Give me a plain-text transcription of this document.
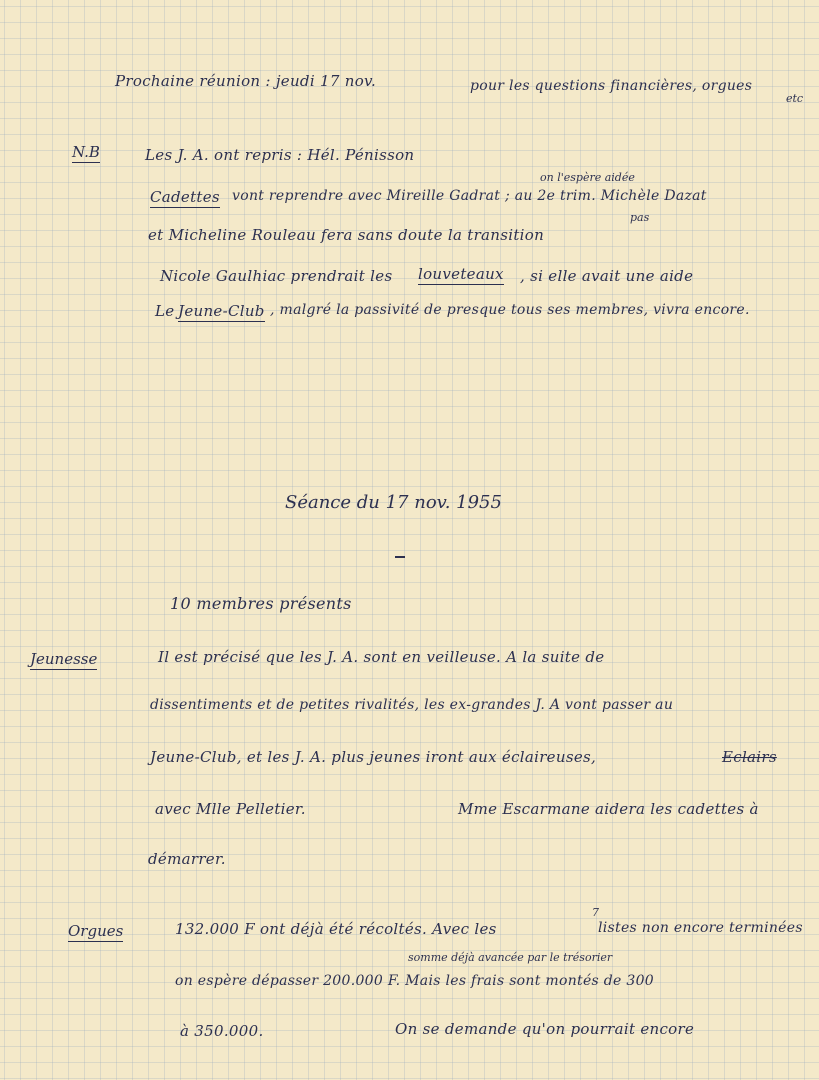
Prochaine réunion : jeudi 17 nov.	pour les questions financières, orgues
etc
N.B	Les J. A. ont repris : Hél. Pénisson
on l'espère aidée
Cadettes vont reprendre avec Mireille Gadrat ; au 2e trim. Michèle Dazat
pas
et Micheline Rouleau fera sans doute la transition
Nicole Gaulhiac prendrait les louveteaux , si elle avait une aide
Le Jeune-Club , malgré la passivité de presque tous ses membres, vivra encore.
Séance du 17 nov. 1955
10 membres présents
Jeunesse	Il est précisé que les J. A. sont en veilleuse. A la suite de
dissentiments et de petites rivalités, les ex-grandes J. A vont passer au
Jeune-Club, et les J. A. plus jeunes iront aux éclaireuses,	Eclairs
avec Mlle Pelletier.	Mme Escarmane aidera les cadettes à
démarrer.
Orgues	132.000 F ont déjà été récoltés. Avec les
7
listes non encore terminées
somme déjà avancée par le trésorier
on espère dépasser 200.000 F. Mais les frais sont montés de 300
à 350.000.	On se demande qu'on pourrait encore
